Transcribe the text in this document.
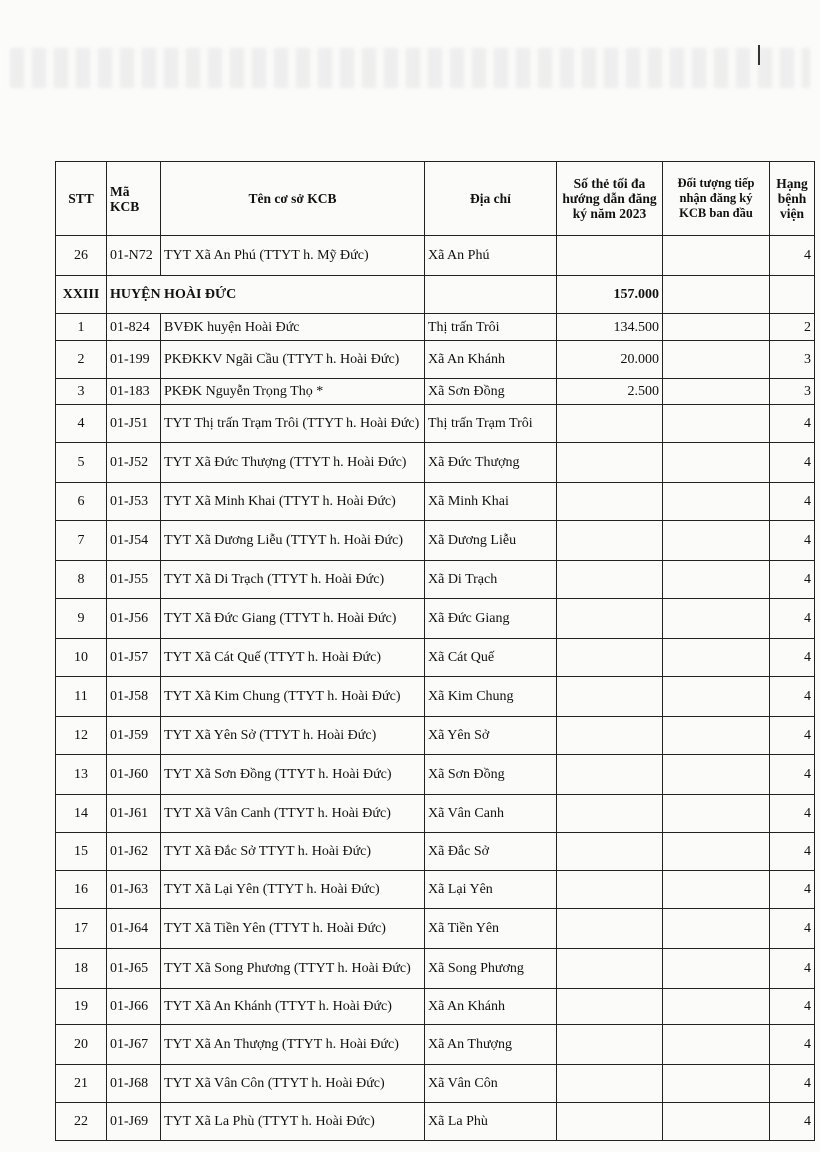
STT	Mã KCB	Tên cơ sở KCB	Địa chỉ	Số thẻ tối đa hướng dẫn đăng ký năm 2023	Đối tượng tiếp nhận đăng ký KCB ban đầu	Hạng bệnh viện
26	01-N72	TYT Xã An Phú (TTYT h. Mỹ Đức)	Xã An Phú			4
XXIII	HUYỆN HOÀI ĐỨC			157.000		
1	01-824	BVĐK huyện Hoài Đức	Thị trấn Trôi	134.500		2
2	01-199	PKĐKKV Ngãi Cầu (TTYT h. Hoài Đức)	Xã An Khánh	20.000		3
3	01-183	PKĐK Nguyễn Trọng Thọ *	Xã Sơn Đồng	2.500		3
4	01-J51	TYT Thị trấn Trạm Trôi (TTYT h. Hoài Đức)	Thị trấn Trạm Trôi			4
5	01-J52	TYT Xã Đức Thượng (TTYT h. Hoài Đức)	Xã Đức Thượng			4
6	01-J53	TYT Xã Minh Khai (TTYT h. Hoài Đức)	Xã Minh Khai			4
7	01-J54	TYT Xã Dương Liễu (TTYT h. Hoài Đức)	Xã Dương Liễu			4
8	01-J55	TYT Xã Di Trạch (TTYT h. Hoài Đức)	Xã Di Trạch			4
9	01-J56	TYT Xã Đức Giang (TTYT h. Hoài Đức)	Xã Đức Giang			4
10	01-J57	TYT Xã Cát Quế (TTYT h. Hoài Đức)	Xã Cát Quế			4
11	01-J58	TYT Xã Kim Chung (TTYT h. Hoài Đức)	Xã Kim Chung			4
12	01-J59	TYT Xã Yên Sở (TTYT h. Hoài Đức)	Xã Yên Sở			4
13	01-J60	TYT Xã Sơn Đồng (TTYT h. Hoài Đức)	Xã Sơn Đồng			4
14	01-J61	TYT Xã Vân Canh (TTYT h. Hoài Đức)	Xã Vân Canh			4
15	01-J62	TYT Xã Đắc Sở TTYT h. Hoài Đức)	Xã Đắc Sở			4
16	01-J63	TYT Xã Lại Yên (TTYT h. Hoài Đức)	Xã Lại Yên			4
17	01-J64	TYT Xã Tiền Yên (TTYT h. Hoài Đức)	Xã Tiền Yên			4
18	01-J65	TYT Xã Song Phương (TTYT h. Hoài Đức)	Xã Song Phương			4
19	01-J66	TYT Xã An Khánh (TTYT h. Hoài Đức)	Xã An Khánh			4
20	01-J67	TYT Xã An Thượng (TTYT h. Hoài Đức)	Xã An Thượng			4
21	01-J68	TYT Xã Vân Côn (TTYT h. Hoài Đức)	Xã Vân Côn			4
22	01-J69	TYT Xã La Phù (TTYT h. Hoài Đức)	Xã La Phù			4
